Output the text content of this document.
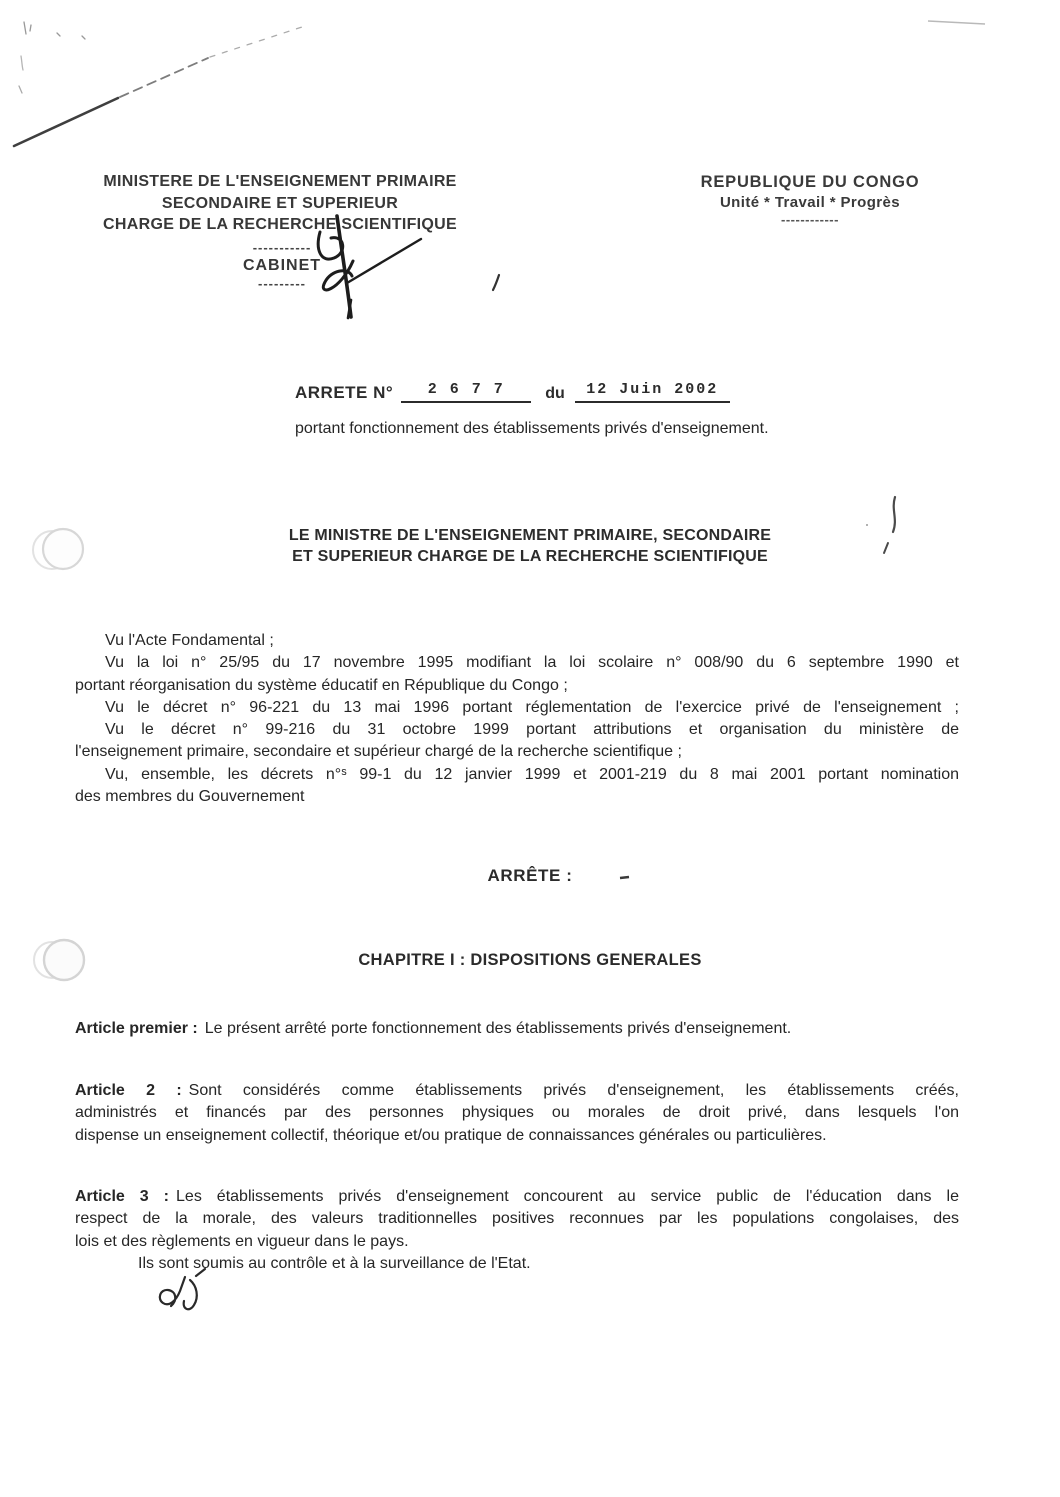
MINISTERE DE L'ENSEIGNEMENT PRIMAIRE
SECONDAIRE ET SUPERIEUR
CHARGE DE LA RECHERCHE SCIENTIFIQUE
-----------
CABINET
---------
REPUBLIQUE DU CONGO
Unité * Travail * Progrès
------------
ARRETE N°	2 6 7 7	du	12 Juin 2002
portant fonctionnement des établissements privés d'enseignement.
LE MINISTRE DE L'ENSEIGNEMENT PRIMAIRE, SECONDAIRE
ET SUPERIEUR CHARGE DE LA RECHERCHE SCIENTIFIQUE
Vu l'Acte Fondamental ;
Vu la loi n° 25/95 du 17 novembre 1995 modifiant la loi scolaire n° 008/90 du 6 septembre 1990 et
portant réorganisation du système éducatif en République du Congo ;
Vu le décret n° 96-221 du 13 mai 1996 portant réglementation de l'exercice privé de l'enseignement ;
Vu le décret n° 99-216 du 31 octobre 1999 portant attributions et organisation du ministère de
l'enseignement primaire, secondaire et supérieur chargé de la recherche scientifique ;
Vu, ensemble, les décrets n°ˢ 99-1 du 12 janvier 1999 et 2001-219 du 8 mai 2001 portant nomination
des membres du Gouvernement
ARRÊTE :
CHAPITRE I : DISPOSITIONS GENERALES
Article premier : Le présent arrêté porte fonctionnement des établissements privés d'enseignement.
Article 2 : Sont considérés comme établissements privés d'enseignement, les établissements créés,
administrés et financés par des personnes physiques ou morales de droit privé, dans lesquels l'on
dispense un enseignement collectif, théorique et/ou pratique de connaissances générales ou particulières.
Article 3 : Les établissements privés d'enseignement concourent au service public de l'éducation dans le
respect de la morale, des valeurs traditionnelles positives reconnues par les populations congolaises, des
lois et des règlements en vigueur dans le pays.
Ils sont soumis au contrôle et à la surveillance de l'Etat.
